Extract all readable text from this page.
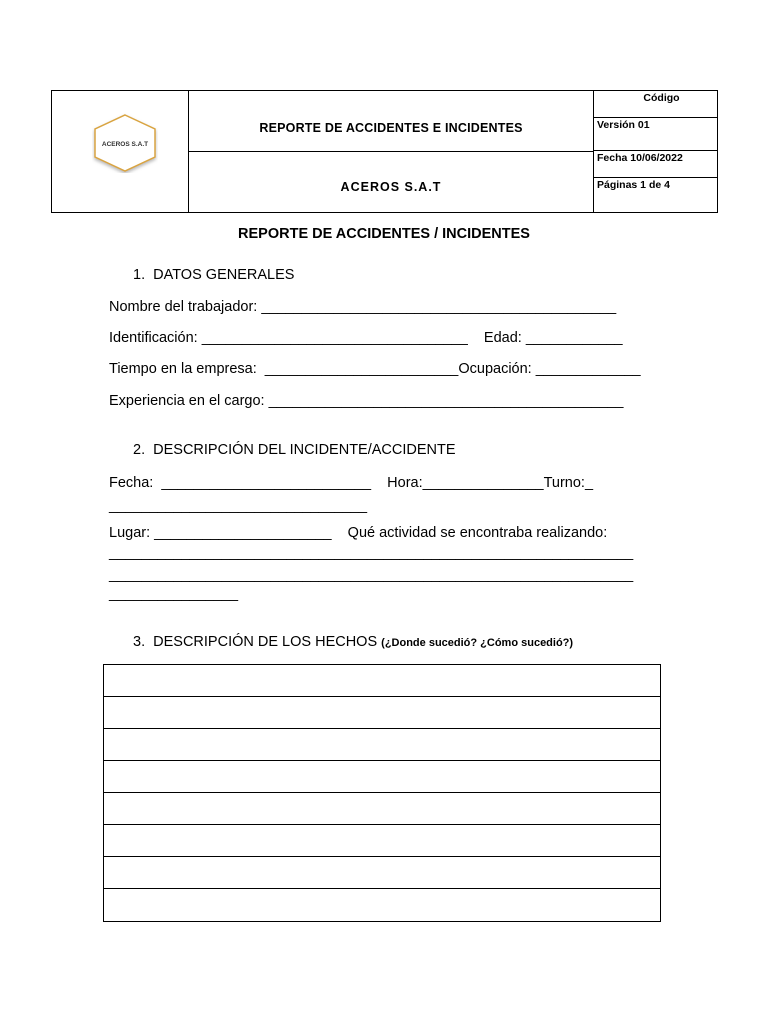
ACEROS S.A.T
REPORTE DE ACCIDENTES E INCIDENTES
ACEROS S.A.T
Código
Versión 01
Fecha 10/06/2022
Páginas 1 de 4
REPORTE DE ACCIDENTES / INCIDENTES
1.  DATOS GENERALES
Nombre del trabajador: ____________________________________________
Identificación: _________________________________    Edad: ____________
Tiempo en la empresa:  ________________________Ocupación: _____________
Experiencia en el cargo: ____________________________________________
2.  DESCRIPCIÓN DEL INCIDENTE/ACCIDENTE
Fecha:  __________________________    Hora:_______________Turno:_
________________________________
Lugar: ______________________    Qué actividad se encontraba realizando:
_________________________________________________________________
_________________________________________________________________
________________
3.  DESCRIPCIÓN DE LOS HECHOS (¿Donde sucedió? ¿Cómo sucedió?)
